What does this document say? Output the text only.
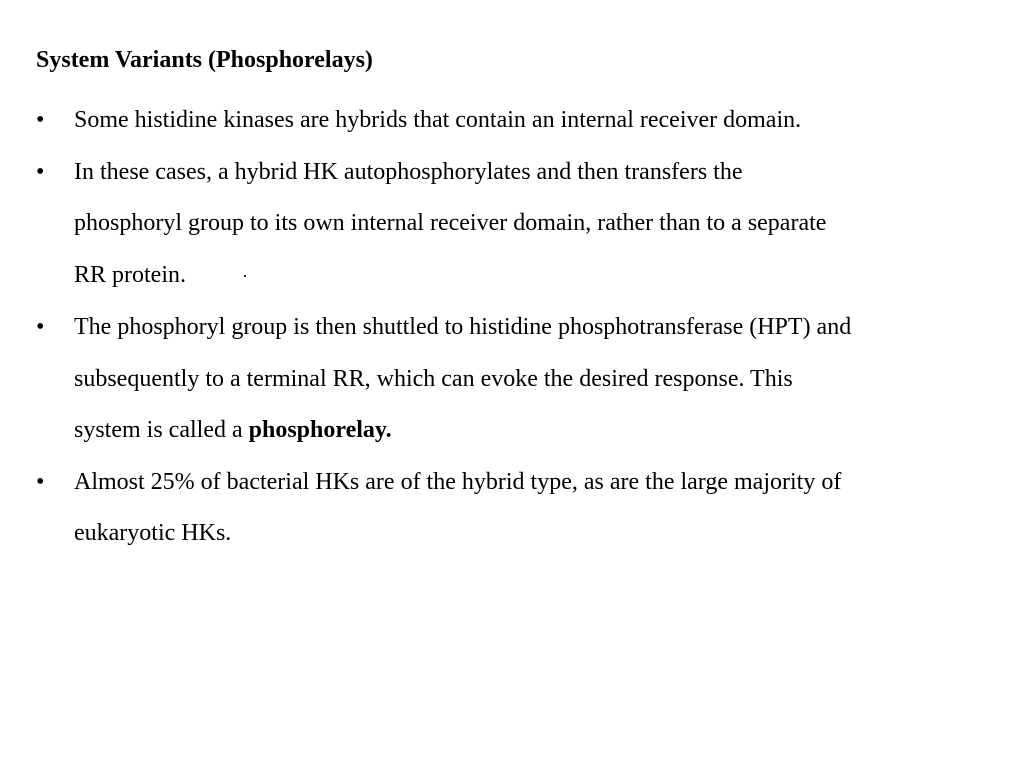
System Variants (Phosphorelays)
•	Some histidine kinases are hybrids that contain an internal receiver domain.
•	In these cases, a hybrid HK autophosphorylates and then transfers the
phosphoryl group to its own internal receiver domain, rather than to a separate
RR protein.	·
•	The phosphoryl group is then shuttled to histidine phosphotransferase (HPT) and
subsequently to a terminal RR, which can evoke the desired response. This
system is called a phosphorelay.
•	Almost 25% of bacterial HKs are of the hybrid type, as are the large majority of
eukaryotic HKs.
